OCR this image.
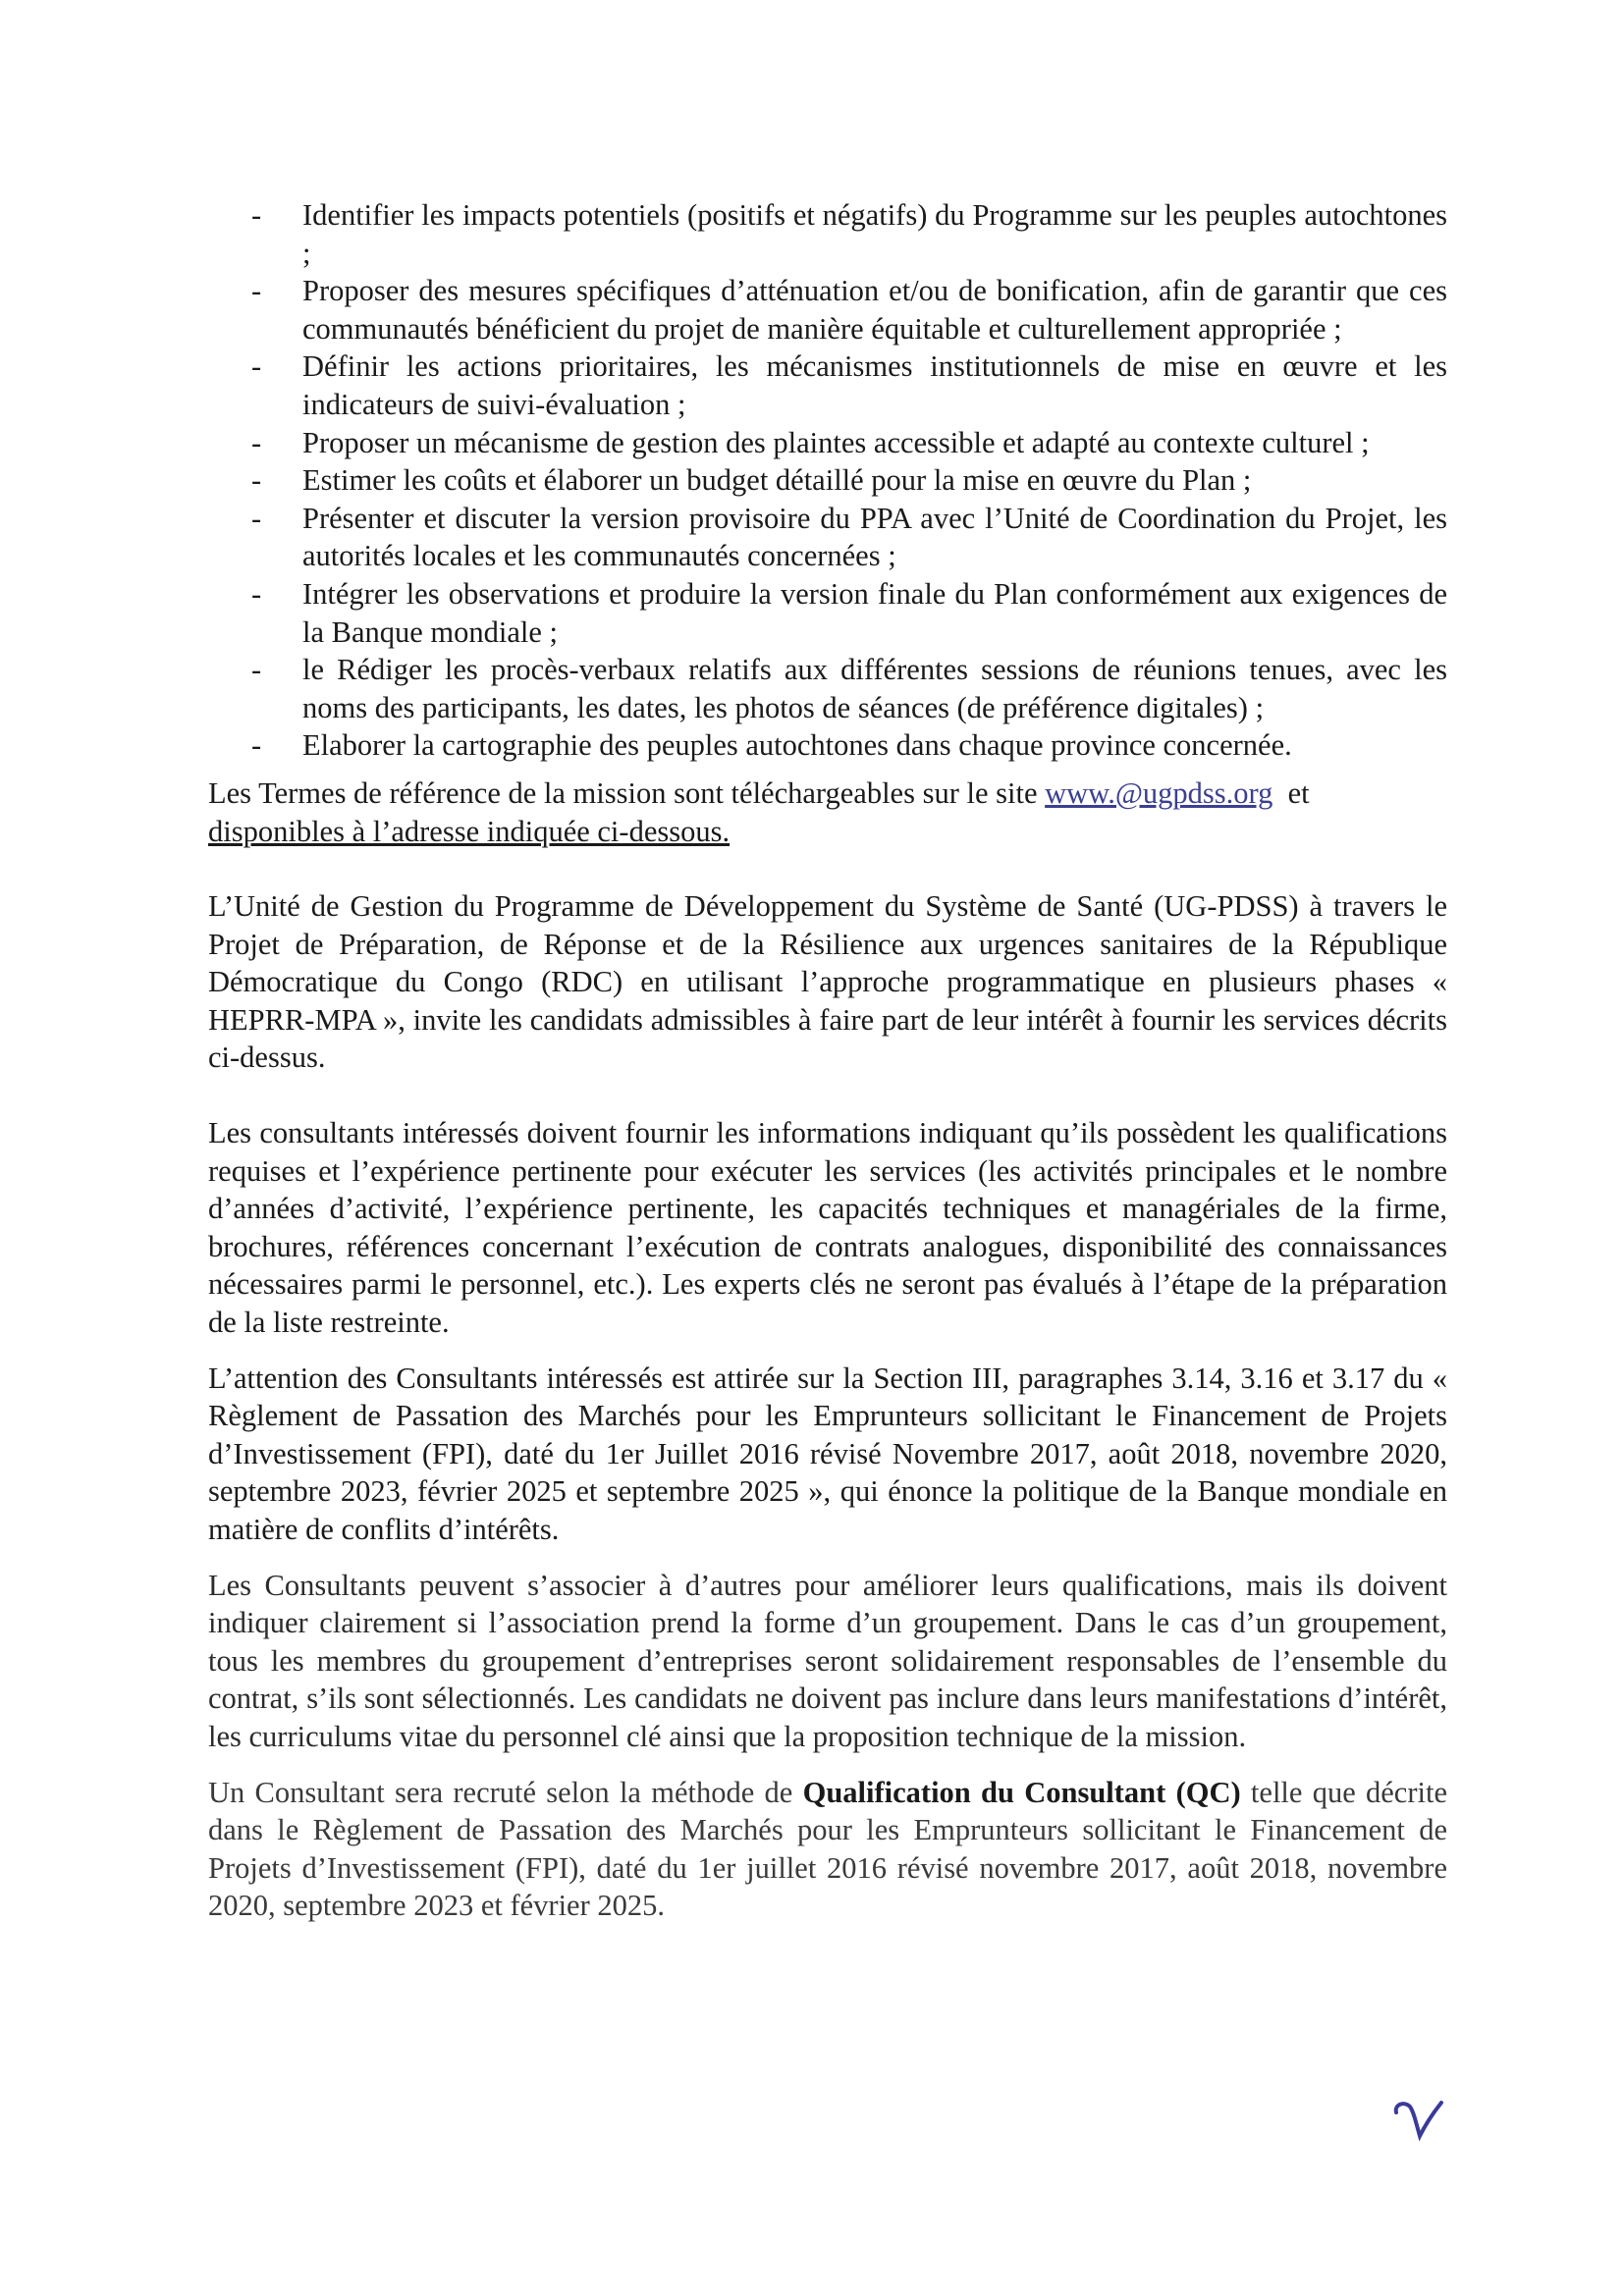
- Identifier les impacts potentiels (positifs et négatifs) du Programme sur les peuples autochtones ;
- Proposer des mesures spécifiques d’atténuation et/ou de bonification, afin de garantir que ces communautés bénéficient du projet de manière équitable et culturellement appropriée ;
- Définir les actions prioritaires, les mécanismes institutionnels de mise en œuvre et les indicateurs de suivi-évaluation ;
- Proposer un mécanisme de gestion des plaintes accessible et adapté au contexte culturel ;
- Estimer les coûts et élaborer un budget détaillé pour la mise en œuvre du Plan ;
- Présenter et discuter la version provisoire du PPA avec l’Unité de Coordination du Projet, les autorités locales et les communautés concernées ;
- Intégrer les observations et produire la version finale du Plan conformément aux exigences de la Banque mondiale ;
- le Rédiger les procès-verbaux relatifs aux différentes sessions de réunions tenues, avec les noms des participants, les dates, les photos de séances (de préférence digitales) ;
- Elaborer la cartographie des peuples autochtones dans chaque province concernée.

Les Termes de référence de la mission sont téléchargeables sur le site www.@ugpdss.org  et
disponibles à l’adresse indiquée ci-dessous.

L’Unité de Gestion du Programme de Développement du Système de Santé (UG-PDSS) à travers le Projet de Préparation, de Réponse et de la Résilience aux urgences sanitaires de la République Démocratique du Congo (RDC) en utilisant l’approche programmatique en plusieurs phases « HEPRR-MPA », invite les candidats admissibles à faire part de leur intérêt à fournir les services décrits ci-dessus.

Les consultants intéressés doivent fournir les informations indiquant qu’ils possèdent les qualifications requises et l’expérience pertinente pour exécuter les services (les activités principales et le nombre d’années d’activité, l’expérience pertinente, les capacités techniques et managériales de la firme, brochures, références concernant l’exécution de contrats analogues, disponibilité des connaissances nécessaires parmi le personnel, etc.). Les experts clés ne seront pas évalués à l’étape de la préparation de la liste restreinte.

L’attention des Consultants intéressés est attirée sur la Section III, paragraphes 3.14, 3.16 et 3.17 du « Règlement de Passation des Marchés pour les Emprunteurs sollicitant le Financement de Projets d’Investissement (FPI), daté du 1er Juillet 2016 révisé Novembre 2017, août 2018, novembre 2020, septembre 2023, février 2025 et septembre 2025 », qui énonce la politique de la Banque mondiale en matière de conflits d’intérêts.

Les Consultants peuvent s’associer à d’autres pour améliorer leurs qualifications, mais ils doivent indiquer clairement si l’association prend la forme d’un groupement. Dans le cas d’un groupement, tous les membres du groupement d’entreprises seront solidairement responsables de l’ensemble du contrat, s’ils sont sélectionnés. Les candidats ne doivent pas inclure dans leurs manifestations d’intérêt, les curriculums vitae du personnel clé ainsi que la proposition technique de la mission.

Un Consultant sera recruté selon la méthode de Qualification du Consultant (QC) telle que décrite dans le Règlement de Passation des Marchés pour les Emprunteurs sollicitant le Financement de Projets d’Investissement (FPI), daté du 1er juillet 2016 révisé novembre 2017, août 2018, novembre 2020, septembre 2023 et février 2025.
